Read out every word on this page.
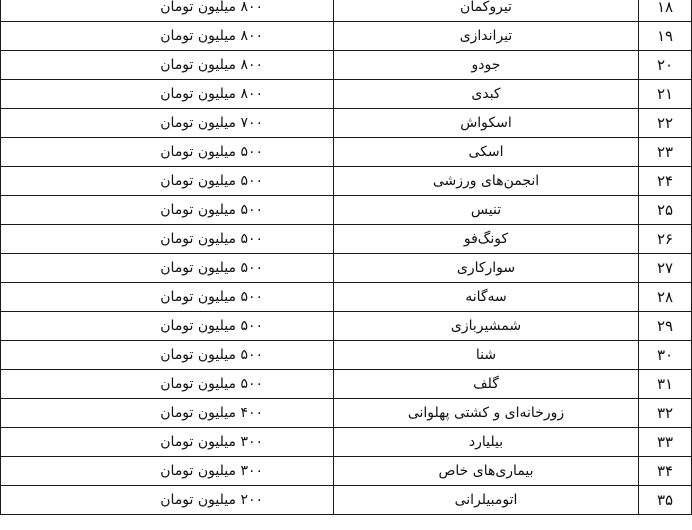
۱۸	تیروکمان	۸۰۰ میلیون تومان
۱۹	تیراندازی	۸۰۰ میلیون تومان
۲۰	جودو	۸۰۰ میلیون تومان
۲۱	کبدی	۸۰۰ میلیون تومان
۲۲	اسکواش	۷۰۰ میلیون تومان
۲۳	اسکی	۵۰۰ میلیون تومان
۲۴	انجمن‌های ورزشی	۵۰۰ میلیون تومان
۲۵	تنیس	۵۰۰ میلیون تومان
۲۶	کونگ‌فو	۵۰۰ میلیون تومان
۲۷	سوارکاری	۵۰۰ میلیون تومان
۲۸	سه‌گانه	۵۰۰ میلیون تومان
۲۹	شمشیربازی	۵۰۰ میلیون تومان
۳۰	شنا	۵۰۰ میلیون تومان
۳۱	گلف	۵۰۰ میلیون تومان
۳۲	زورخانه‌ای و کشتی پهلوانی	۴۰۰ میلیون تومان
۳۳	بیلیارد	۳۰۰ میلیون تومان
۳۴	بیماری‌های خاص	۳۰۰ میلیون تومان
۳۵	اتومبیلرانی	۲۰۰ میلیون تومان
